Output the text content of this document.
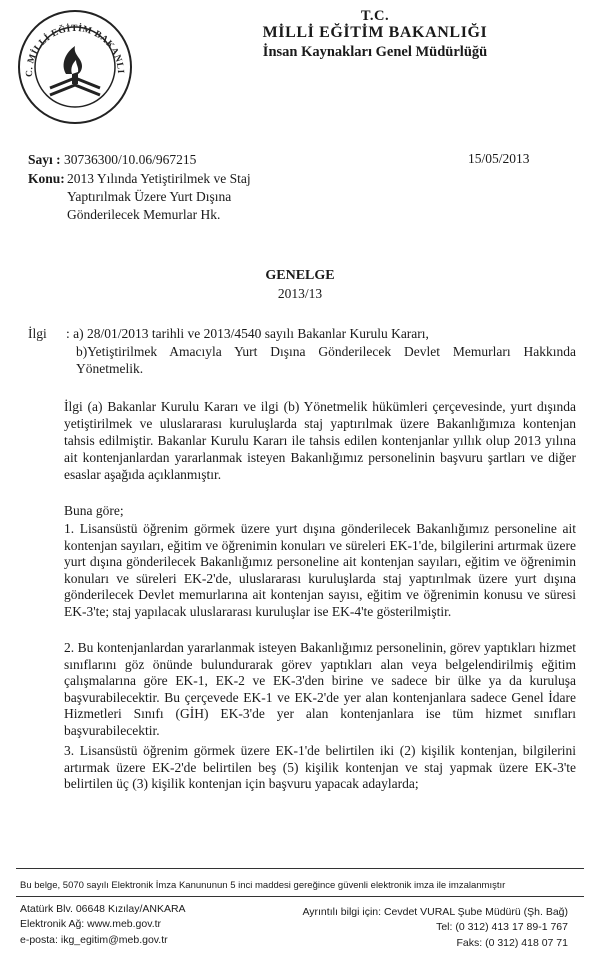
C. MİLLİ EĞİTİM BAKANLI
T.C.
MİLLİ EĞİTİM BAKANLIĞI
İnsan Kaynakları Genel Müdürlüğü
Sayı : 30736300/10.06/967215	15/05/2013
Konu: 2013 Yılında Yetiştirilmek ve Staj
Yaptırılmak Üzere Yurt Dışına
Gönderilecek Memurlar Hk.
GENELGE
2013/13
İlgi : a) 28/01/2013 tarihli ve 2013/4540 sayılı Bakanlar Kurulu Kararı,
b)Yetiştirilmek Amacıyla Yurt Dışına Gönderilecek Devlet Memurları Hakkında Yönetmelik.
İlgi (a) Bakanlar Kurulu Kararı ve ilgi (b) Yönetmelik hükümleri çerçevesinde, yurt dışında yetiştirilmek ve uluslararası kuruluşlarda staj yaptırılmak üzere Bakanlığımıza kontenjan tahsis edilmiştir. Bakanlar Kurulu Kararı ile tahsis edilen kontenjanlar yıllık olup 2013 yılına ait kontenjanlardan yararlanmak isteyen Bakanlığımız personelinin başvuru şartları ve diğer esaslar aşağıda açıklanmıştır.
Buna göre;
1. Lisansüstü öğrenim görmek üzere yurt dışına gönderilecek Bakanlığımız personeline ait kontenjan sayıları, eğitim ve öğrenimin konuları ve süreleri EK-1'de, bilgilerini artırmak üzere yurt dışına gönderilecek Bakanlığımız personeline ait kontenjan sayıları, eğitim ve öğrenimin konuları ve süreleri EK-2'de, uluslararası kuruluşlarda staj yaptırılmak üzere yurt dışına gönderilecek Devlet memurlarına ait kontenjan sayısı, eğitim ve öğrenimin konusu ve süresi EK-3'te; staj yapılacak uluslararası kuruluşlar ise EK-4'te gösterilmiştir.
2. Bu kontenjanlardan yararlanmak isteyen Bakanlığımız personelinin, görev yaptıkları hizmet sınıflarını göz önünde bulundurarak görev yaptıkları alan veya belgelendirilmiş eğitim çalışmalarına göre EK-1, EK-2 ve EK-3'den birine ve sadece bir ülke ya da kuruluşa başvurabilecektir. Bu çerçevede EK-1 ve EK-2'de yer alan kontenjanlara sadece Genel İdare Hizmetleri Sınıfı (GİH) EK-3'de yer alan kontenjanlara ise tüm hizmet sınıfları başvurabilecektir.
3. Lisansüstü öğrenim görmek üzere EK-1'de belirtilen iki (2) kişilik kontenjan, bilgilerini artırmak üzere EK-2'de belirtilen beş (5) kişilik kontenjan ve staj yapmak üzere EK-3'te belirtilen üç (3) kişilik kontenjan için başvuru yapacak adaylarda;
Bu belge, 5070 sayılı Elektronik İmza Kanununun 5 inci maddesi gereğince güvenli elektronik imza ile imzalanmıştır
Atatürk Blv. 06648 Kızılay/ANKARA
Elektronik Ağ: www.meb.gov.tr
e-posta: ikg_egitim@meb.gov.tr
Ayrıntılı bilgi için: Cevdet VURAL Şube Müdürü (Şh. Bağ)
Tel: (0 312) 413 17 89-1 767
Faks: (0 312) 418 07 71
